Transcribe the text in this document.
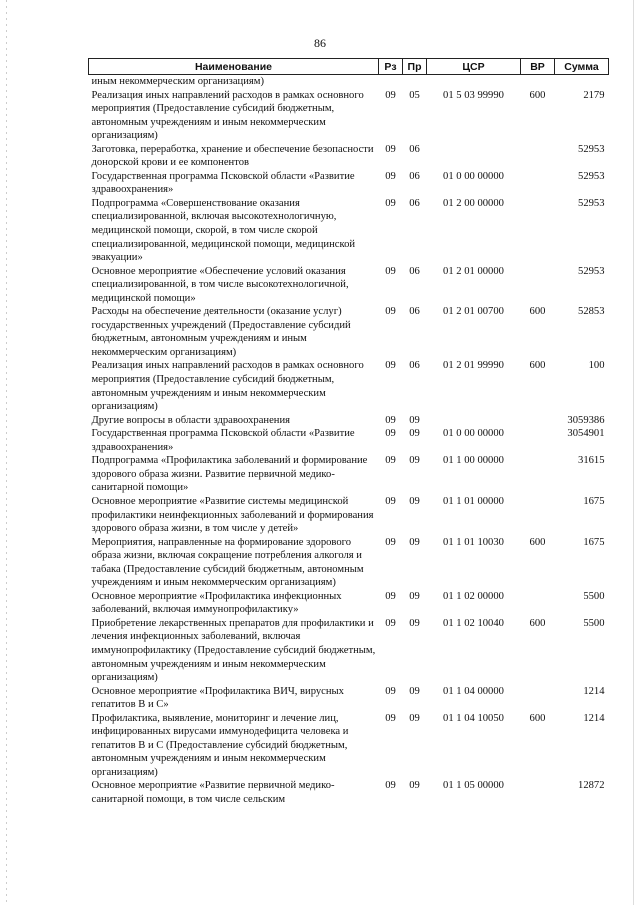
86
Наименование	Рз	Пр	ЦСР	ВР	Сумма
иным некоммерческим организациям)					
Реализация иных направлений расходов в рамках основного мероприятия (Предоставление субсидий бюджетным, автономным учреждениям и иным некоммерческим организациям)	09	05	01 5 03 99990	600	2179
Заготовка, переработка, хранение и обеспечение безопасности донорской крови и ее компонентов	09	06			52953
Государственная программа Псковской области «Развитие здравоохранения»	09	06	01 0 00 00000		52953
Подпрограмма «Совершенствование оказания специализированной, включая высокотехнологичную, медицинской помощи, скорой, в том числе скорой специализированной, медицинской помощи, медицинской эвакуации»	09	06	01 2 00 00000		52953
Основное мероприятие «Обеспечение условий оказания специализированной, в том числе высокотехнологичной, медицинской помощи»	09	06	01 2 01 00000		52953
Расходы на обеспечение деятельности (оказание услуг) государственных учреждений (Предоставление субсидий бюджетным, автономным учреждениям и иным некоммерческим организациям)	09	06	01 2 01 00700	600	52853
Реализация иных направлений расходов в рамках основного мероприятия (Предоставление субсидий бюджетным, автономным учреждениям и иным некоммерческим организациям)	09	06	01 2 01 99990	600	100
Другие вопросы в области здравоохранения	09	09			3059386
Государственная программа Псковской области «Развитие здравоохранения»	09	09	01 0 00 00000		3054901
Подпрограмма «Профилактика заболеваний и формирование здорового образа жизни. Развитие первичной медико-санитарной помощи»	09	09	01 1 00 00000		31615
Основное мероприятие «Развитие системы медицинской профилактики неинфекционных заболеваний и формирования здорового образа жизни, в том числе у детей»	09	09	01 1 01 00000		1675
Мероприятия, направленные на формирование здорового образа жизни, включая сокращение потребления алкоголя и табака (Предоставление субсидий бюджетным, автономным учреждениям и иным некоммерческим организациям)	09	09	01 1 01 10030	600	1675
Основное мероприятие «Профилактика инфекционных заболеваний, включая иммунопрофилактику»	09	09	01 1 02 00000		5500
Приобретение лекарственных препаратов для профилактики и лечения инфекционных заболеваний, включая иммунопрофилактику (Предоставление субсидий бюджетным, автономным учреждениям и иным некоммерческим организациям)	09	09	01 1 02 10040	600	5500
Основное мероприятие «Профилактика ВИЧ, вирусных гепатитов В и С»	09	09	01 1 04 00000		1214
Профилактика, выявление, мониторинг и лечение лиц, инфицированных вирусами иммунодефицита человека и гепатитов В и С (Предоставление субсидий бюджетным, автономным учреждениям и иным некоммерческим организациям)	09	09	01 1 04 10050	600	1214
Основное мероприятие «Развитие первичной медико-санитарной помощи, в том числе сельским	09	09	01 1 05 00000		12872
